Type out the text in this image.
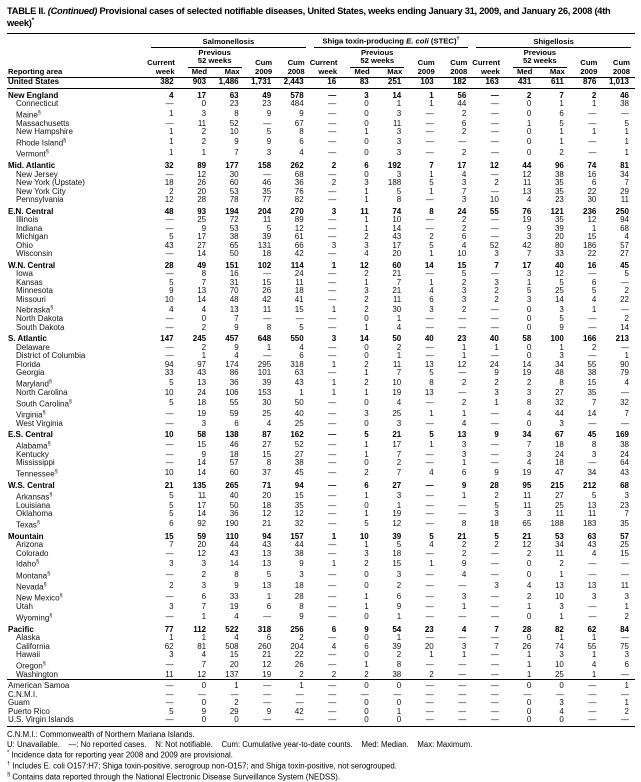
TABLE II. (Continued) Provisional cases of selected notifiable diseases, United States, weeks ending January 31, 2009, and January 26, 2008 (4th week)*

	Salmonellosis					Shiga toxin-producing E. coli (STEC)†					Shigellosis				

Reporting area	
Current
week

Previous
52 weeks	Cum
2009

Cum
2008

Current
week

Previous
52 weeks	Cum
2009

Cum
2008

Current
week

Previous
52 weeks	Cum
2009

Cum
2008

		Med	Max				Med	Max				Med	Max		
United States	382	903	1,486	1,731	2,443	16	83	251	103	182	163	431	611	876	1,013
New England	4	17	63	49	578	—	3	14	1	56	—	2	7	2	46
Connecticut	—	0	23	23	484	—	0	1	1	44	—	0	1	1	38
Maine§	1	3	8	9	9	—	0	3	—	2	—	0	6	—	—
Massachusetts	—	11	52	—	67	—	0	11	—	6	—	1	5	—	5
New Hampshire	1	2	10	5	8	—	1	3	—	2	—	0	1	1	1
Rhode Island§	1	2	9	9	6	—	0	3	—	—	—	0	1	—	1
Vermont§	1	1	7	3	4	—	0	3	—	2	—	0	2	—	1
Mid. Atlantic	32	89	177	158	262	2	6	192	7	17	12	44	96	74	81
New Jersey	—	12	30	—	68	—	0	3	1	4	—	12	38	16	34
New York (Upstate)	18	26	60	46	36	2	3	188	5	3	2	11	35	6	7
New York City	2	20	53	35	76	—	1	5	1	7	—	13	35	22	29
Pennsylvania	12	28	78	77	82	—	1	8	—	3	10	4	23	30	11
E.N. Central	48	93	194	204	270	3	11	74	8	24	55	76	121	236	250
Illinois	—	25	72	11	89	—	1	10	—	2	—	19	35	12	94
Indiana	—	9	53	5	12	—	1	14	—	2	—	9	39	1	68
Michigan	5	17	38	39	61	—	2	43	2	6	—	3	20	15	4
Ohio	43	27	65	131	66	3	3	17	5	4	52	42	80	186	57
Wisconsin	—	14	50	18	42	—	4	20	1	10	3	7	33	22	27
W.N. Central	28	49	151	102	114	1	12	60	14	15	7	17	40	16	45
Iowa	—	8	16	—	24	—	2	21	—	5	—	3	12	—	5
Kansas	5	7	31	15	11	—	1	7	1	2	3	1	5	6	—
Minnesota	9	13	70	26	18	—	3	21	4	3	2	5	25	5	2
Missouri	10	14	48	42	41	—	2	11	6	3	2	3	14	4	22
Nebraska§	4	4	13	11	15	1	2	30	3	2	—	0	3	1	—
North Dakota	—	0	7	—	—	—	0	1	—	—	—	0	5	—	2
South Dakota	—	2	9	8	5	—	1	4	—	—	—	0	9	—	14
S. Atlantic	147	245	457	648	550	3	14	50	40	23	40	58	100	166	213
Delaware	—	2	9	1	4	—	0	2	—	1	1	0	1	2	—
District of Columbia	—	1	4	—	6	—	0	1	—	1	—	0	3	—	1
Florida	94	97	174	295	318	1	2	11	13	12	24	14	34	55	90
Georgia	33	43	86	101	63	—	1	7	5	—	9	19	48	38	79
Maryland§	5	13	36	39	43	1	2	10	8	2	2	2	8	15	4
North Carolina	10	24	106	153	1	1	1	19	13	—	3	3	27	35	—
South Carolina§	5	18	55	30	50	—	0	4	—	2	1	8	32	7	32
Virginia§	—	19	59	25	40	—	3	25	1	1	—	4	44	14	7
West Virginia	—	3	6	4	25	—	0	3	—	4	—	0	3	—	—
E.S. Central	10	58	138	87	162	—	5	21	5	13	9	34	67	45	169
Alabama§	—	15	46	27	52	—	1	17	1	3	—	7	18	8	38
Kentucky	—	9	18	15	27	—	1	7	—	3	—	3	24	3	24
Mississippi	—	14	57	8	38	—	0	2	—	1	—	4	18	—	64
Tennessee§	10	14	60	37	45	—	2	7	4	6	9	19	47	34	43
W.S. Central	21	135	265	71	94	—	6	27	—	9	28	95	215	212	68
Arkansas§	5	11	40	20	15	—	1	3	—	1	2	11	27	5	3
Louisiana	5	17	50	18	35	—	0	1	—	—	5	11	25	13	23
Oklahoma	5	14	36	12	12	—	1	19	—	—	3	3	11	11	7
Texas§	6	92	190	21	32	—	5	12	—	8	18	65	188	183	35
Mountain	15	59	110	94	157	1	10	39	5	21	5	21	53	63	57
Arizona	7	20	44	43	44	—	1	5	4	2	2	12	34	43	25
Colorado	—	12	43	13	38	—	3	18	—	2	—	2	11	4	15
Idaho§	3	3	14	13	9	1	2	15	1	9	—	0	2	—	—
Montana§	—	2	8	5	3	—	0	3	—	4	—	0	1	—	—
Nevada§	2	3	9	13	18	—	0	2	—	—	3	4	13	13	11
New Mexico§	—	6	33	1	28	—	1	6	—	3	—	2	10	3	3
Utah	3	7	19	6	8	—	1	9	—	1	—	1	3	—	1
Wyoming§	—	1	4	—	9	—	0	1	—	—	—	0	1	—	2
Pacific	77	112	522	318	256	6	9	54	23	4	7	28	82	62	84
Alaska	1	1	4	6	2	—	0	1	—	—	—	0	1	1	—
California	62	81	508	260	204	4	6	39	20	3	7	26	74	55	75
Hawaii	3	4	15	21	22	—	0	2	1	1	—	1	3	1	3
Oregon§	—	7	20	12	26	—	1	8	—	—	—	1	10	4	6
Washington	11	12	137	19	2	2	2	38	2	—	—	1	25	1	—
American Samoa	—	0	1	—	1	—	0	0	—	—	—	0	0	—	1
C.N.M.I.	—	—	—	—	—	—	—	—	—	—	—	—	—	—	—
Guam	—	0	2	—	—	—	0	0	—	—	—	0	3	—	1
Puerto Rico	5	9	29	9	42	—	0	1	—	—	—	0	4	—	2
U.S. Virgin Islands	—	0	0	—	—	—	0	0	—	—	—	0	0	—	—
C.N.M.I.: Commonwealth of Northern Mariana Islands.
U: Unavailable.    —: No reported cases.    N: Not notifiable.    Cum: Cumulative year-to-date counts.    Med: Median.    Max: Maximum.
* Incidence data for reporting year 2008 and 2009 are provisional.
† Includes E. coli O157:H7; Shiga toxin-positive, serogroup non-O157; and Shiga toxin-positive, not serogrouped.
§ Contains data reported through the National Electronic Disease Surveillance System (NEDSS).
